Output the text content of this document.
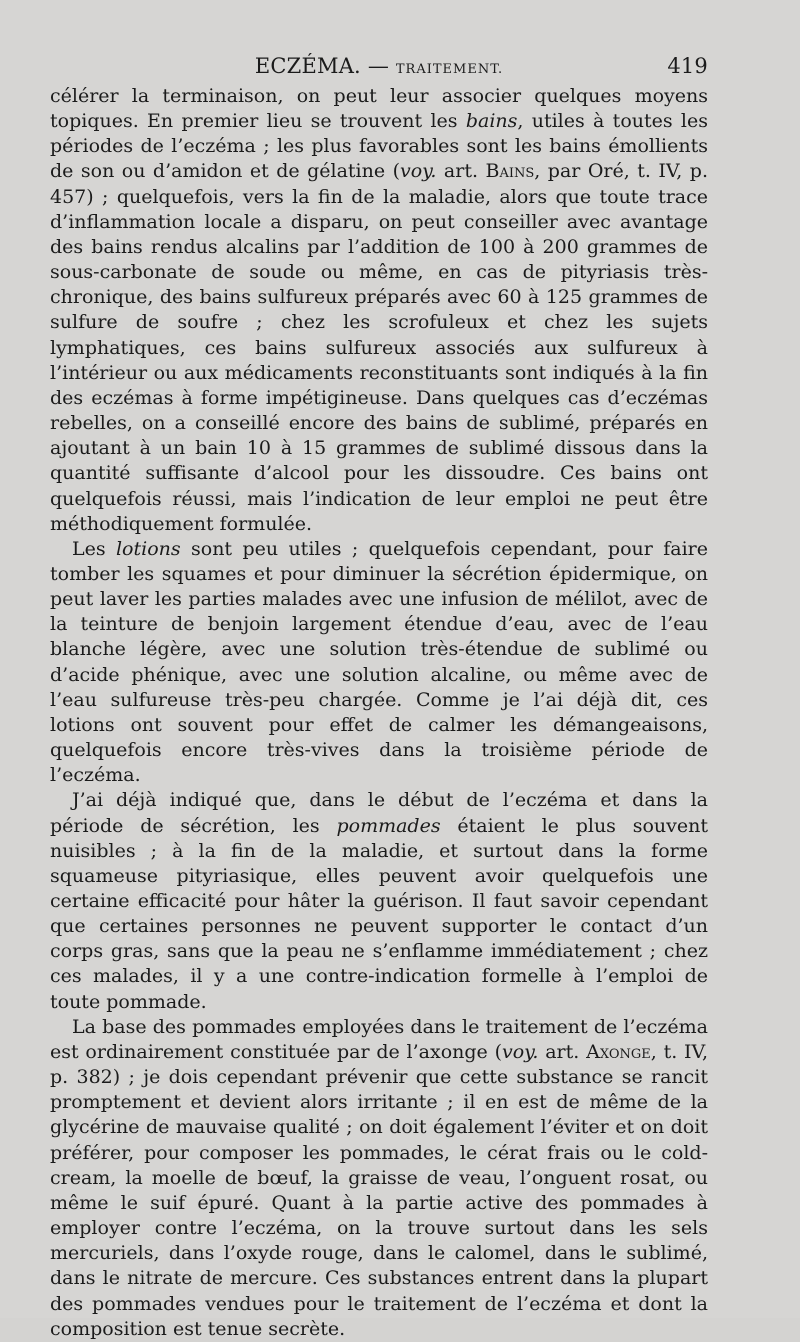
ECZÉMA. — TRAITEMENT.	419

célérer la terminaison, on peut leur associer quelques moyens topiques. En premier lieu se trouvent les bains, utiles à toutes les périodes de l’eczéma ; les plus favorables sont les bains émollients de son ou d’amidon et de gélatine (voy. art. Bains, par Oré, t. IV, p. 457) ; quelquefois, vers la fin de la maladie, alors que toute trace d’inflammation locale a disparu, on peut conseiller avec avantage des bains rendus alcalins par l’addition de 100 à 200 grammes de sous-carbonate de soude ou même, en cas de pityriasis très-chronique, des bains sulfureux préparés avec 60 à 125 grammes de sulfure de soufre ; chez les scrofuleux et chez les sujets lymphatiques, ces bains sulfureux associés aux sulfureux à l’intérieur ou aux médicaments reconstituants sont indiqués à la fin des eczémas à forme impétigineuse. Dans quelques cas d’eczémas rebelles, on a conseillé encore des bains de sublimé, préparés en ajoutant à un bain 10 à 15 grammes de sublimé dissous dans la quantité suffisante d’alcool pour les dissoudre. Ces bains ont quelquefois réussi, mais l’indication de leur emploi ne peut être méthodiquement formulée.

Les lotions sont peu utiles ; quelquefois cependant, pour faire tomber les squames et pour diminuer la sécrétion épidermique, on peut laver les parties malades avec une infusion de mélilot, avec de la teinture de benjoin largement étendue d’eau, avec de l’eau blanche légère, avec une solution très-étendue de sublimé ou d’acide phénique, avec une solution alcaline, ou même avec de l’eau sulfureuse très-peu chargée. Comme je l’ai déjà dit, ces lotions ont souvent pour effet de calmer les démangeaisons, quelquefois encore très-vives dans la troisième période de l’eczéma.

J’ai déjà indiqué que, dans le début de l’eczéma et dans la période de sécrétion, les pommades étaient le plus souvent nuisibles ; à la fin de la maladie, et surtout dans la forme squameuse pityriasique, elles peuvent avoir quelquefois une certaine efficacité pour hâter la guérison. Il faut savoir cependant que certaines personnes ne peuvent supporter le contact d’un corps gras, sans que la peau ne s’enflamme immédiatement ; chez ces malades, il y a une contre-indication formelle à l’emploi de toute pommade.

La base des pommades employées dans le traitement de l’eczéma est ordinairement constituée par de l’axonge (voy. art. Axonge, t. IV, p. 382) ; je dois cependant prévenir que cette substance se rancit promptement et devient alors irritante ; il en est de même de la glycérine de mauvaise qualité ; on doit également l’éviter et on doit préférer, pour composer les pommades, le cérat frais ou le cold-cream, la moelle de bœuf, la graisse de veau, l’onguent rosat, ou même le suif épuré. Quant à la partie active des pommades à employer contre l’eczéma, on la trouve surtout dans les sels mercuriels, dans l’oxyde rouge, dans le calomel, dans le sublimé, dans le nitrate de mercure. Ces substances entrent dans la plupart des pommades vendues pour le traitement de l’eczéma et dont la composition est tenue secrète.
